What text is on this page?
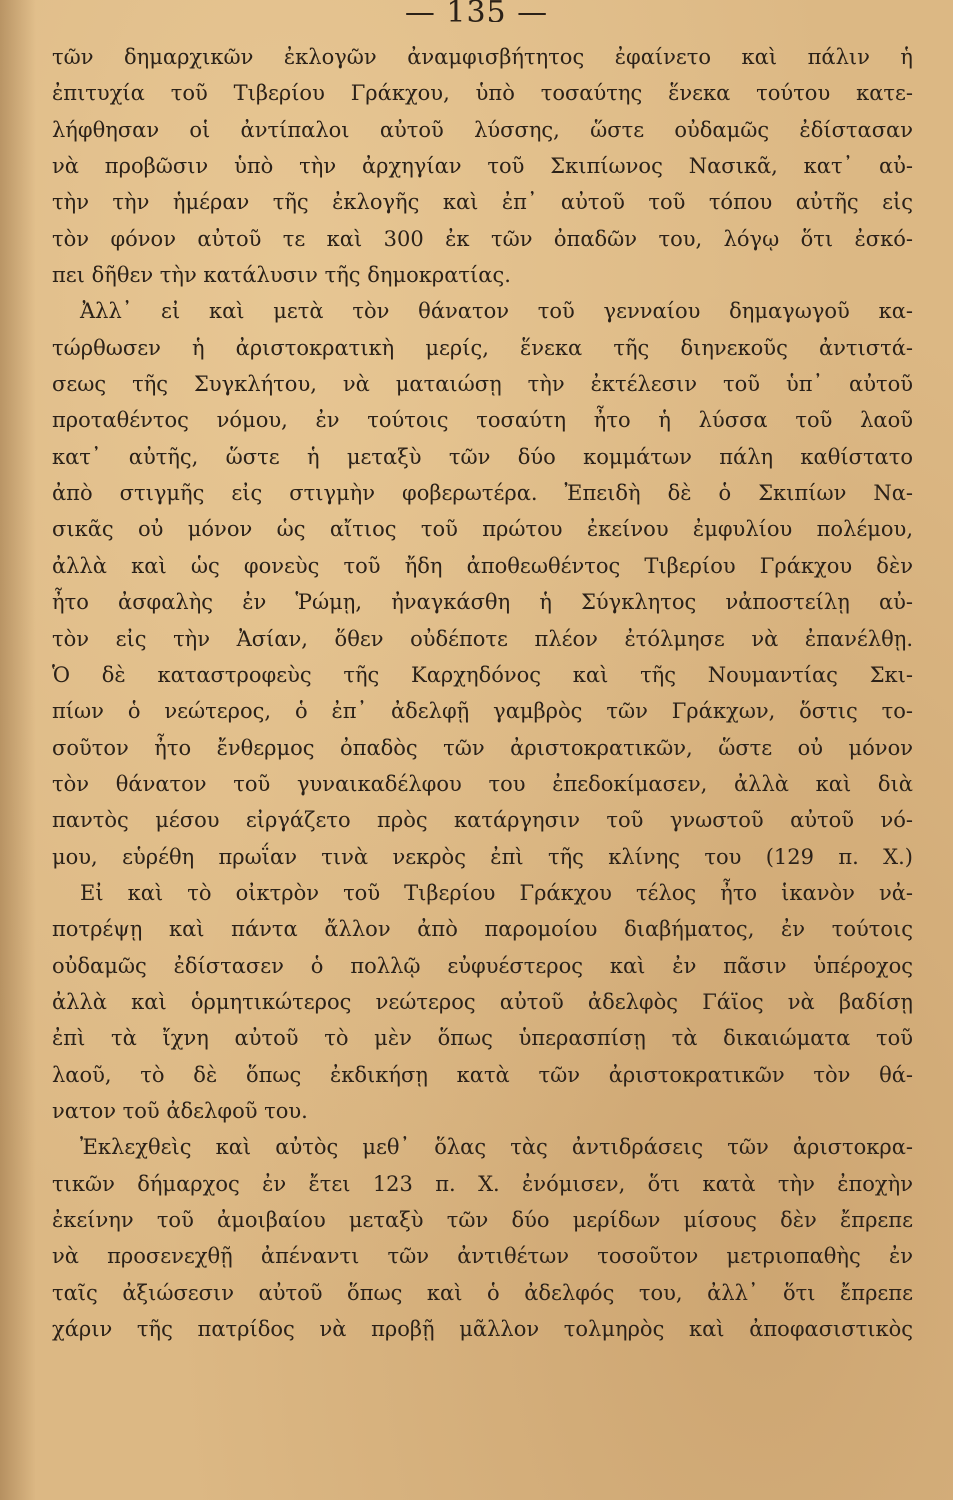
— 135 —
τῶν δημαρχικῶν ἐκλογῶν ἀναμφισβήτητος ἐφαίνετο καὶ πάλιν ἡ
ἐπιτυχία τοῦ Τιβερίου Γράκχου, ὑπὸ τοσαύτης ἕνεκα τούτου κατε-
λήφθησαν οἱ ἀντίπαλοι αὐτοῦ λύσσης, ὥστε οὐδαμῶς ἐδίστασαν
νὰ προβῶσιν ὑπὸ τὴν ἀρχηγίαν τοῦ Σκιπίωνος Νασικᾶ, κατ᾽ αὐ-
τὴν τὴν ἡμέραν τῆς ἐκλογῆς καὶ ἐπ᾽ αὐτοῦ τοῦ τόπου αὐτῆς εἰς
τὸν φόνον αὐτοῦ τε καὶ 300 ἐκ τῶν ὀπαδῶν του, λόγῳ ὅτι ἐσκό-
πει δῆθεν τὴν κατάλυσιν τῆς δημοκρατίας.
Ἀλλ᾽ εἰ καὶ μετὰ τὸν θάνατον τοῦ γενναίου δημαγωγοῦ κα-
τώρθωσεν ἡ ἀριστοκρατικὴ μερίς, ἕνεκα τῆς διηνεκοῦς ἀντιστά-
σεως τῆς Συγκλήτου, νὰ ματαιώσῃ τὴν ἐκτέλεσιν τοῦ ὑπ᾽ αὐτοῦ
προταθέντος νόμου, ἐν τούτοις τοσαύτη ἦτο ἡ λύσσα τοῦ λαοῦ
κατ᾽ αὐτῆς, ὥστε ἡ μεταξὺ τῶν δύο κομμάτων πάλη καθίστατο
ἀπὸ στιγμῆς εἰς στιγμὴν φοβερωτέρα. Ἐπειδὴ δὲ ὁ Σκιπίων Να-
σικᾶς οὐ μόνον ὡς αἴτιος τοῦ πρώτου ἐκείνου ἐμφυλίου πολέμου,
ἀλλὰ καὶ ὡς φονεὺς τοῦ ἤδη ἀποθεωθέντος Τιβερίου Γράκχου δὲν
ἦτο ἀσφαλὴς ἐν Ῥώμῃ, ἠναγκάσθη ἡ Σύγκλητος νἀποστείλῃ αὐ-
τὸν εἰς τὴν Ἀσίαν, ὅθεν οὐδέποτε πλέον ἐτόλμησε νὰ ἐπανέλθῃ.
Ὁ δὲ καταστροφεὺς τῆς Καρχηδόνος καὶ τῆς Νουμαντίας Σκι-
πίων ὁ νεώτερος, ὁ ἐπ᾽ ἀδελφῇ γαμβρὸς τῶν Γράκχων, ὅστις το-
σοῦτον ἦτο ἔνθερμος ὀπαδὸς τῶν ἀριστοκρατικῶν, ὥστε οὐ μόνον
τὸν θάνατον τοῦ γυναικαδέλφου του ἐπεδοκίμασεν, ἀλλὰ καὶ διὰ
παντὸς μέσου εἰργάζετο πρὸς κατάργησιν τοῦ γνωστοῦ αὐτοῦ νό-
μου, εὑρέθη πρωΐαν τινὰ νεκρὸς ἐπὶ τῆς κλίνης του (129 π. Χ.)
Εἰ καὶ τὸ οἰκτρὸν τοῦ Τιβερίου Γράκχου τέλος ἦτο ἱκανὸν νἀ-
ποτρέψῃ καὶ πάντα ἄλλον ἀπὸ παρομοίου διαβήματος, ἐν τούτοις
οὐδαμῶς ἐδίστασεν ὁ πολλῷ εὐφυέστερος καὶ ἐν πᾶσιν ὑπέροχος
ἀλλὰ καὶ ὁρμητικώτερος νεώτερος αὐτοῦ ἀδελφὸς Γάϊος νὰ βαδίσῃ
ἐπὶ τὰ ἴχνη αὐτοῦ τὸ μὲν ὅπως ὑπερασπίσῃ τὰ δικαιώματα τοῦ
λαοῦ, τὸ δὲ ὅπως ἐκδικήσῃ κατὰ τῶν ἀριστοκρατικῶν τὸν θά-
νατον τοῦ ἀδελφοῦ του.
Ἐκλεχθεὶς καὶ αὐτὸς μεθ᾽ ὅλας τὰς ἀντιδράσεις τῶν ἀριστοκρα-
τικῶν δήμαρχος ἐν ἔτει 123 π. Χ. ἐνόμισεν, ὅτι κατὰ τὴν ἐποχὴν
ἐκείνην τοῦ ἀμοιβαίου μεταξὺ τῶν δύο μερίδων μίσους δὲν ἔπρεπε
νὰ προσενεχθῇ ἀπέναντι τῶν ἀντιθέτων τοσοῦτον μετριοπαθὴς ἐν
ταῖς ἀξιώσεσιν αὐτοῦ ὅπως καὶ ὁ ἀδελφός του, ἀλλ᾽ ὅτι ἔπρεπε
χάριν τῆς πατρίδος νὰ προβῇ μᾶλλον τολμηρὸς καὶ ἀποφασιστικὸς
